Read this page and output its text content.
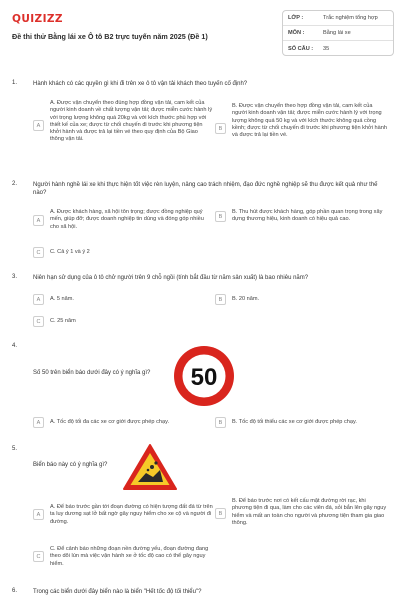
QUIZIZZ
Đề thi thử Bằng lái xe Ô tô B2 trực tuyến năm 2025 (Đề 1)
LỚP :	Trắc nghiệm tổng hợp
MÔN :	Bằng lái xe
SỐ CÂU :	35
1.	Hành khách có các quyền gì khi đi trên xe ô tô vận tải khách theo tuyến cố định?
A
A. Được vận chuyển theo đúng hợp đồng vận tải, cam kết của người kinh doanh về chất lượng vận tải; được miễn cước hành lý với trọng lượng không quá 20kg và với kích thước phù hợp với thiết kế của xe; được từ chối chuyến đi trước khi phương tiện khởi hành và được trả lại tiền vé theo quy định của Bộ Giao thông vận tải.
B
B. Được vận chuyển theo hợp đồng vận tải, cam kết của người kinh doanh vận tải; được miễn cước hành lý với trọng lượng không quá 50 kg và với kích thước không quá cồng kềnh; được từ chối chuyến đi trước khi phương tiện khởi hành và được trả lại tiền vé.
2.	Người hành nghề lái xe khi thực hiện tốt việc rèn luyện, nâng cao trách nhiệm, đạo đức nghề nghiệp sẽ thu được kết quả như thế nào?
A
A. Được khách hàng, xã hội tôn trọng; được đồng nghiệp quý mến, giúp đỡ; được doanh nghiệp tin dùng và đóng góp nhiều cho xã hội.
B
B. Thu hút được khách hàng, góp phần quan trọng trong xây dựng thương hiệu, kinh doanh có hiệu quả cao.
C	C. Cả ý 1 và ý 2
3.	Niên hạn sử dụng của ô tô chở người trên 9 chỗ ngồi (tính bắt đầu từ năm sản xuất) là bao nhiêu năm?
A	A. 5 năm.	B	B. 20 năm.
C	C. 25 năm
4.
Số 50 trên biển báo dưới đây có ý nghĩa gì?	50
A	A. Tốc độ tối đa các xe cơ giới được phép chạy.	B	B. Tốc độ tối thiểu các xe cơ giới được phép chạy.
5.
Biển báo này có ý nghĩa gì?
A
A. Để báo trước gần tới đoạn đường có hiện tượng đất đá từ trên ta luy dương sạt lở bất ngờ gây nguy hiểm cho xe cộ và người đi đường.
B
B. Để báo trước nơi có kết cấu mặt đường rời rạc, khi phương tiện đi qua, làm cho các viên đá, sỏi bắn lên gây nguy hiểm và mất an toàn cho người và phương tiện tham gia giao thông.
C
C. Để cảnh báo những đoạn nền đường yếu, đoạn đường đang theo dõi lún mà việc vận hành xe ở tốc độ cao có thể gây nguy hiểm.
6.	Trong các biển dưới đây biển nào là biển "Hết tốc độ tối thiểu"?
